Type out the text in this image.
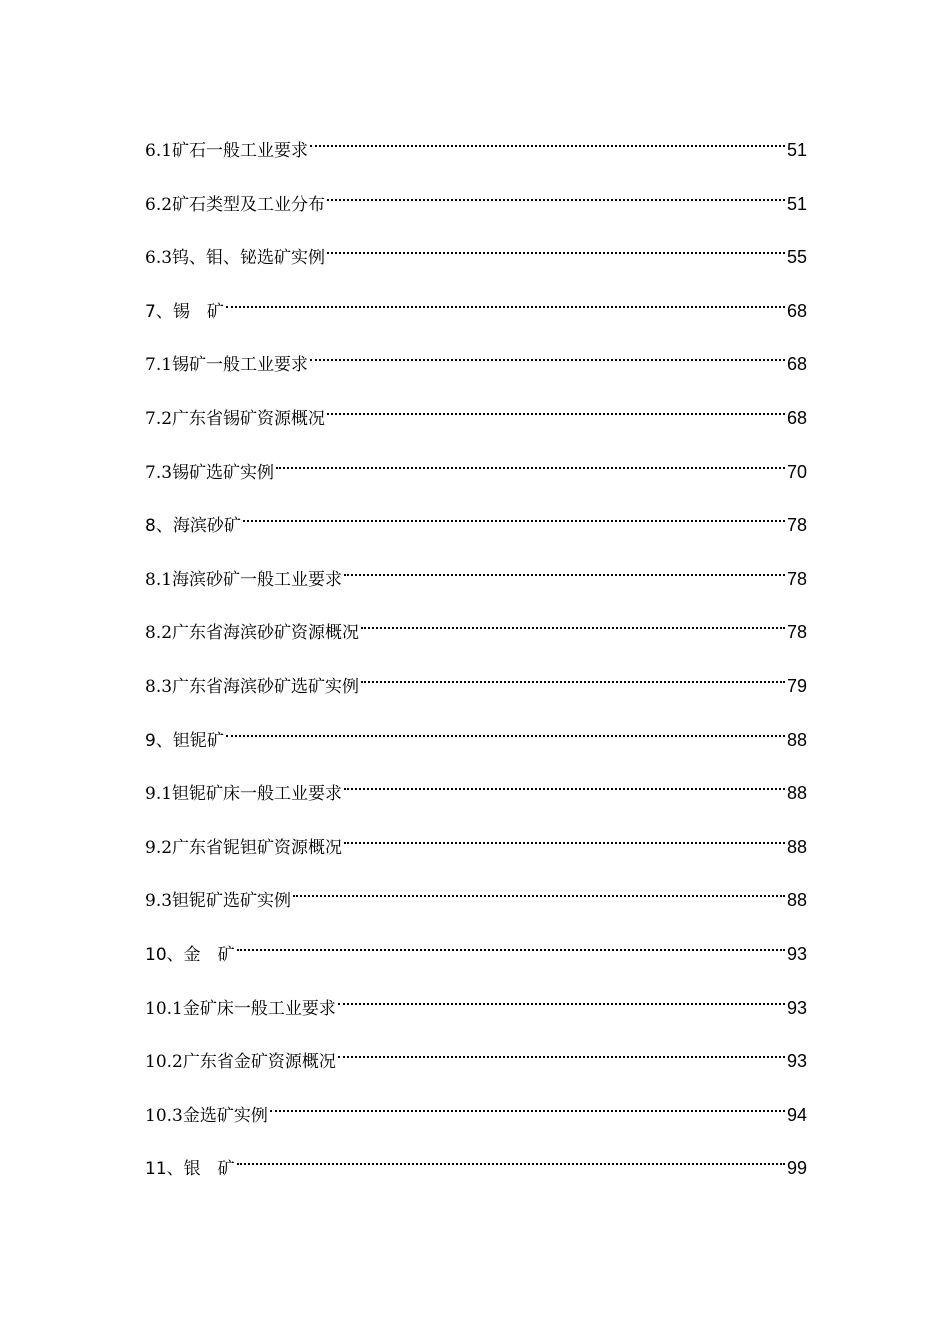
6.1矿石一般工业要求	51
6.2矿石类型及工业分布	51
6.3钨、钼、铋选矿实例	55
7、锡　矿	68
7.1锡矿一般工业要求	68
7.2广东省锡矿资源概况	68
7.3锡矿选矿实例	70
8、海滨砂矿	78
8.1海滨砂矿一般工业要求	78
8.2广东省海滨砂矿资源概况	78
8.3广东省海滨砂矿选矿实例	79
9、钽铌矿	88
9.1钽铌矿床一般工业要求	88
9.2广东省铌钽矿资源概况	88
9.3钽铌矿选矿实例	88
10、金　矿	93
10.1金矿床一般工业要求	93
10.2广东省金矿资源概况	93
10.3金选矿实例	94
11、银　矿	99
